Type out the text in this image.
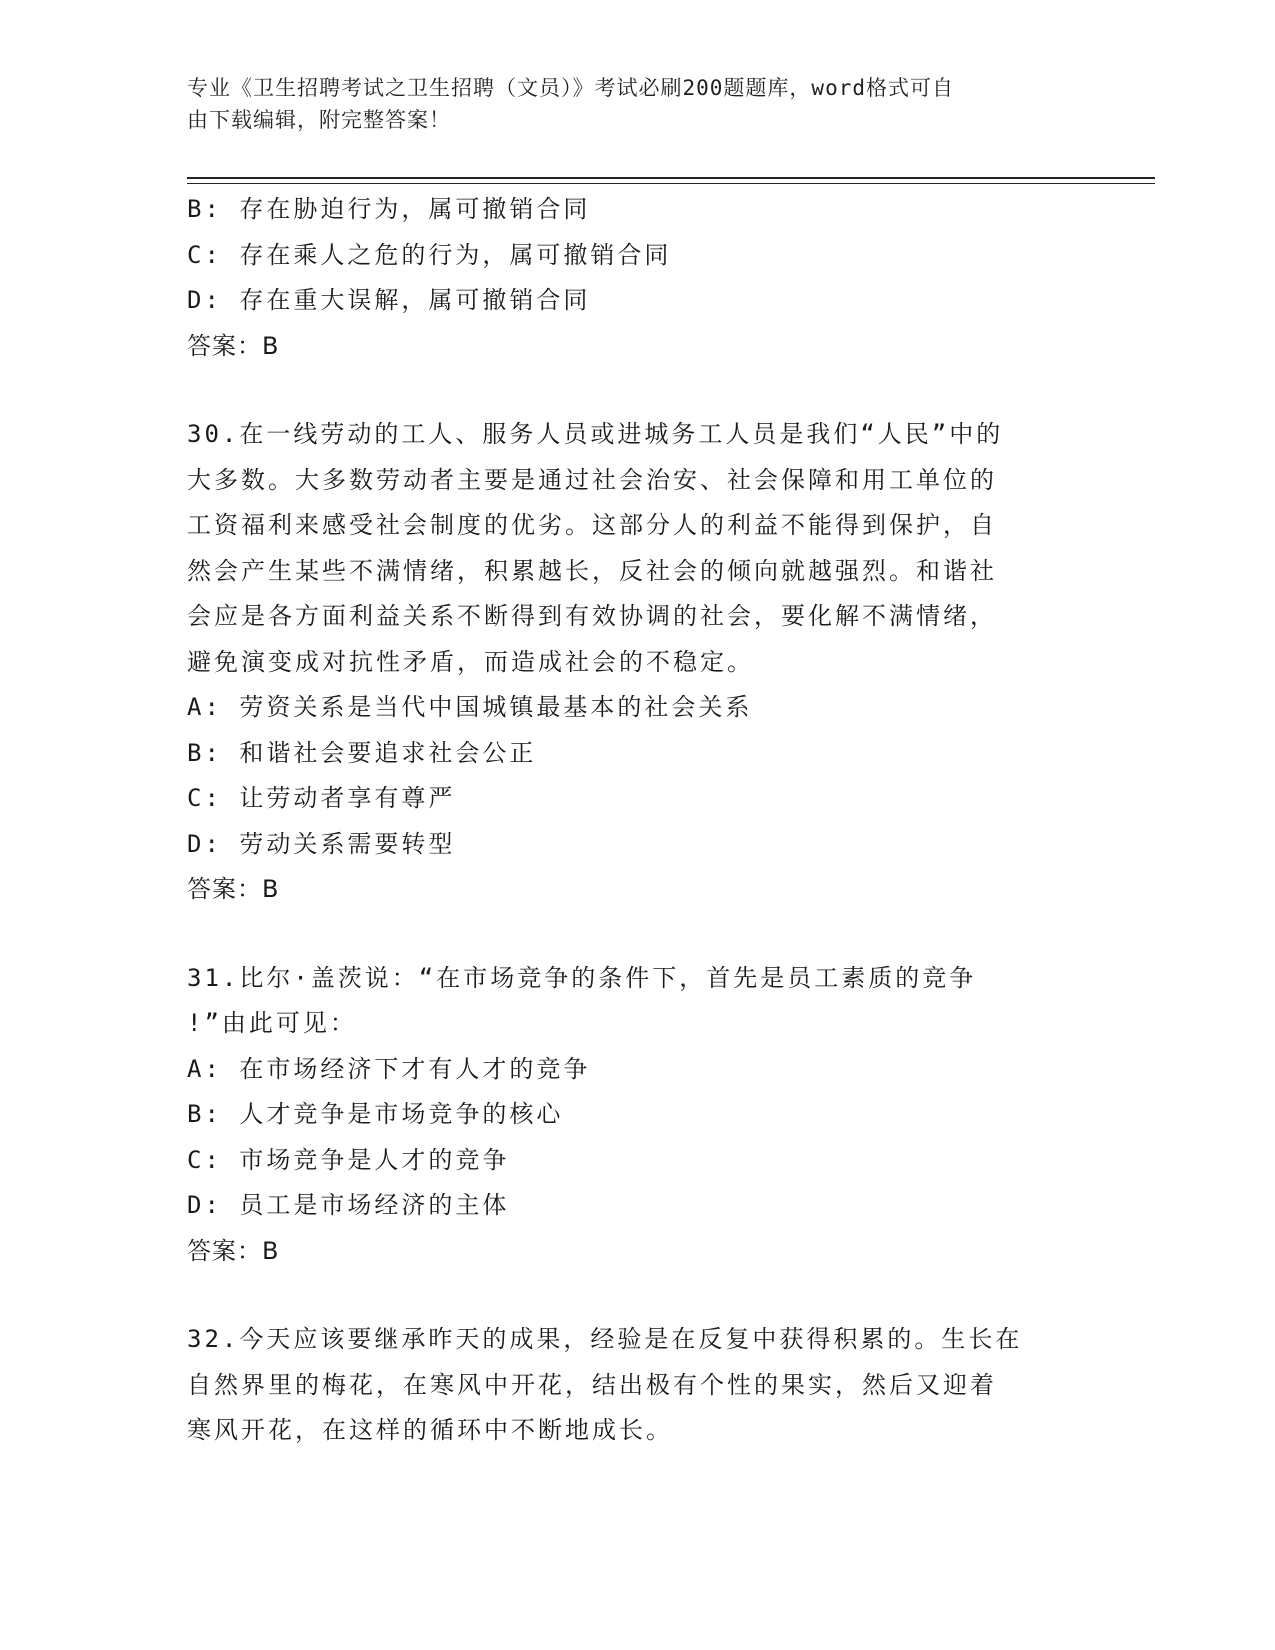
专业《卫生招聘考试之卫生招聘（文员）》考试必刷200题题库，word格式可自
由下载编辑，附完整答案！
B: 存在胁迫行为，属可撤销合同
C: 存在乘人之危的行为，属可撤销合同
D: 存在重大误解，属可撤销合同
答案：B
30.在一线劳动的工人、服务人员或进城务工人员是我们“人民”中的
大多数。大多数劳动者主要是通过社会治安、社会保障和用工单位的
工资福利来感受社会制度的优劣。这部分人的利益不能得到保护，自
然会产生某些不满情绪，积累越长，反社会的倾向就越强烈。和谐社
会应是各方面利益关系不断得到有效协调的社会，要化解不满情绪，
避免演变成对抗性矛盾，而造成社会的不稳定。
A: 劳资关系是当代中国城镇最基本的社会关系
B: 和谐社会要追求社会公正
C: 让劳动者享有尊严
D: 劳动关系需要转型
答案：B
31.比尔·盖茨说：“在市场竞争的条件下，首先是员工素质的竞争
!”由此可见：
A: 在市场经济下才有人才的竞争
B: 人才竞争是市场竞争的核心
C: 市场竞争是人才的竞争
D: 员工是市场经济的主体
答案：B
32.今天应该要继承昨天的成果，经验是在反复中获得积累的。生长在
自然界里的梅花，在寒风中开花，结出极有个性的果实，然后又迎着
寒风开花，在这样的循环中不断地成长。
